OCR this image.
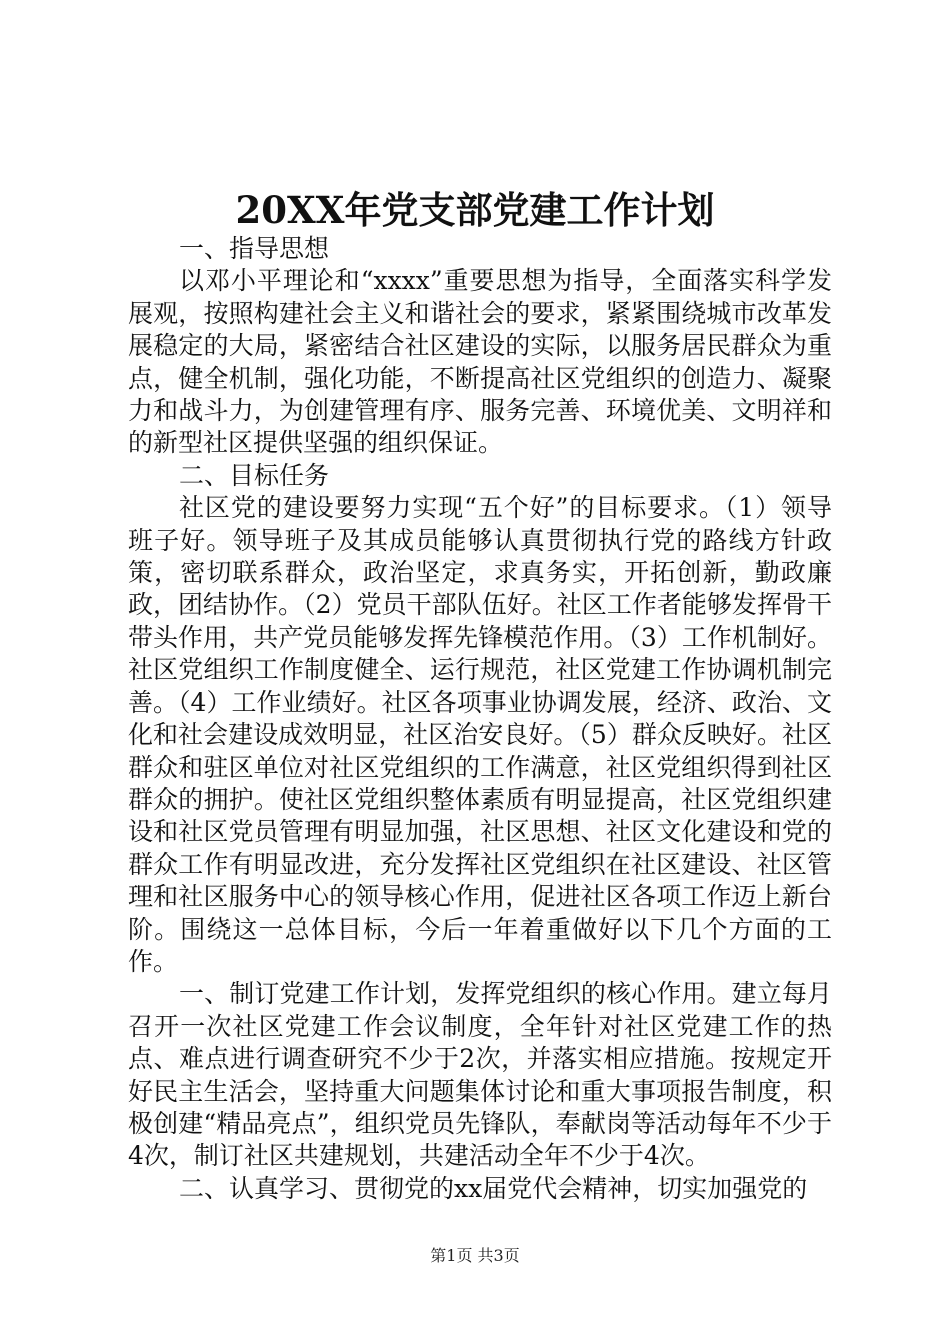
20XX年党支部党建工作计划

一、指导思想

以邓小平理论和“xxxx”重要思想为指导，全面落实科学发展观，按照构建社会主义和谐社会的要求，紧紧围绕城市改革发展稳定的大局，紧密结合社区建设的实际，以服务居民群众为重点，健全机制，强化功能，不断提高社区党组织的创造力、凝聚力和战斗力，为创建管理有序、服务完善、环境优美、文明祥和的新型社区提供坚强的组织保证。

二、目标任务

社区党的建设要努力实现“五个好”的目标要求。（1）领导班子好。领导班子及其成员能够认真贯彻执行党的路线方针政策，密切联系群众，政治坚定，求真务实，开拓创新，勤政廉政，团结协作。（2）党员干部队伍好。社区工作者能够发挥骨干带头作用，共产党员能够发挥先锋模范作用。（3）工作机制好。社区党组织工作制度健全、运行规范，社区党建工作协调机制完善。（4）工作业绩好。社区各项事业协调发展，经济、政治、文化和社会建设成效明显，社区治安良好。（5）群众反映好。社区群众和驻区单位对社区党组织的工作满意，社区党组织得到社区群众的拥护。使社区党组织整体素质有明显提高，社区党组织建设和社区党员管理有明显加强，社区思想、社区文化建设和党的群众工作有明显改进，充分发挥社区党组织在社区建设、社区管理和社区服务中心的领导核心作用，促进社区各项工作迈上新台阶。围绕这一总体目标，今后一年着重做好以下几个方面的工作。

一、制订党建工作计划，发挥党组织的核心作用。建立每月召开一次社区党建工作会议制度，全年针对社区党建工作的热点、难点进行调查研究不少于2次，并落实相应措施。按规定开好民主生活会，坚持重大问题集体讨论和重大事项报告制度，积极创建“精品亮点”，组织党员先锋队，奉献岗等活动每年不少于4次，制订社区共建规划，共建活动全年不少于4次。

二、认真学习、贯彻党的xx届党代会精神，切实加强党的

第1页 共3页
